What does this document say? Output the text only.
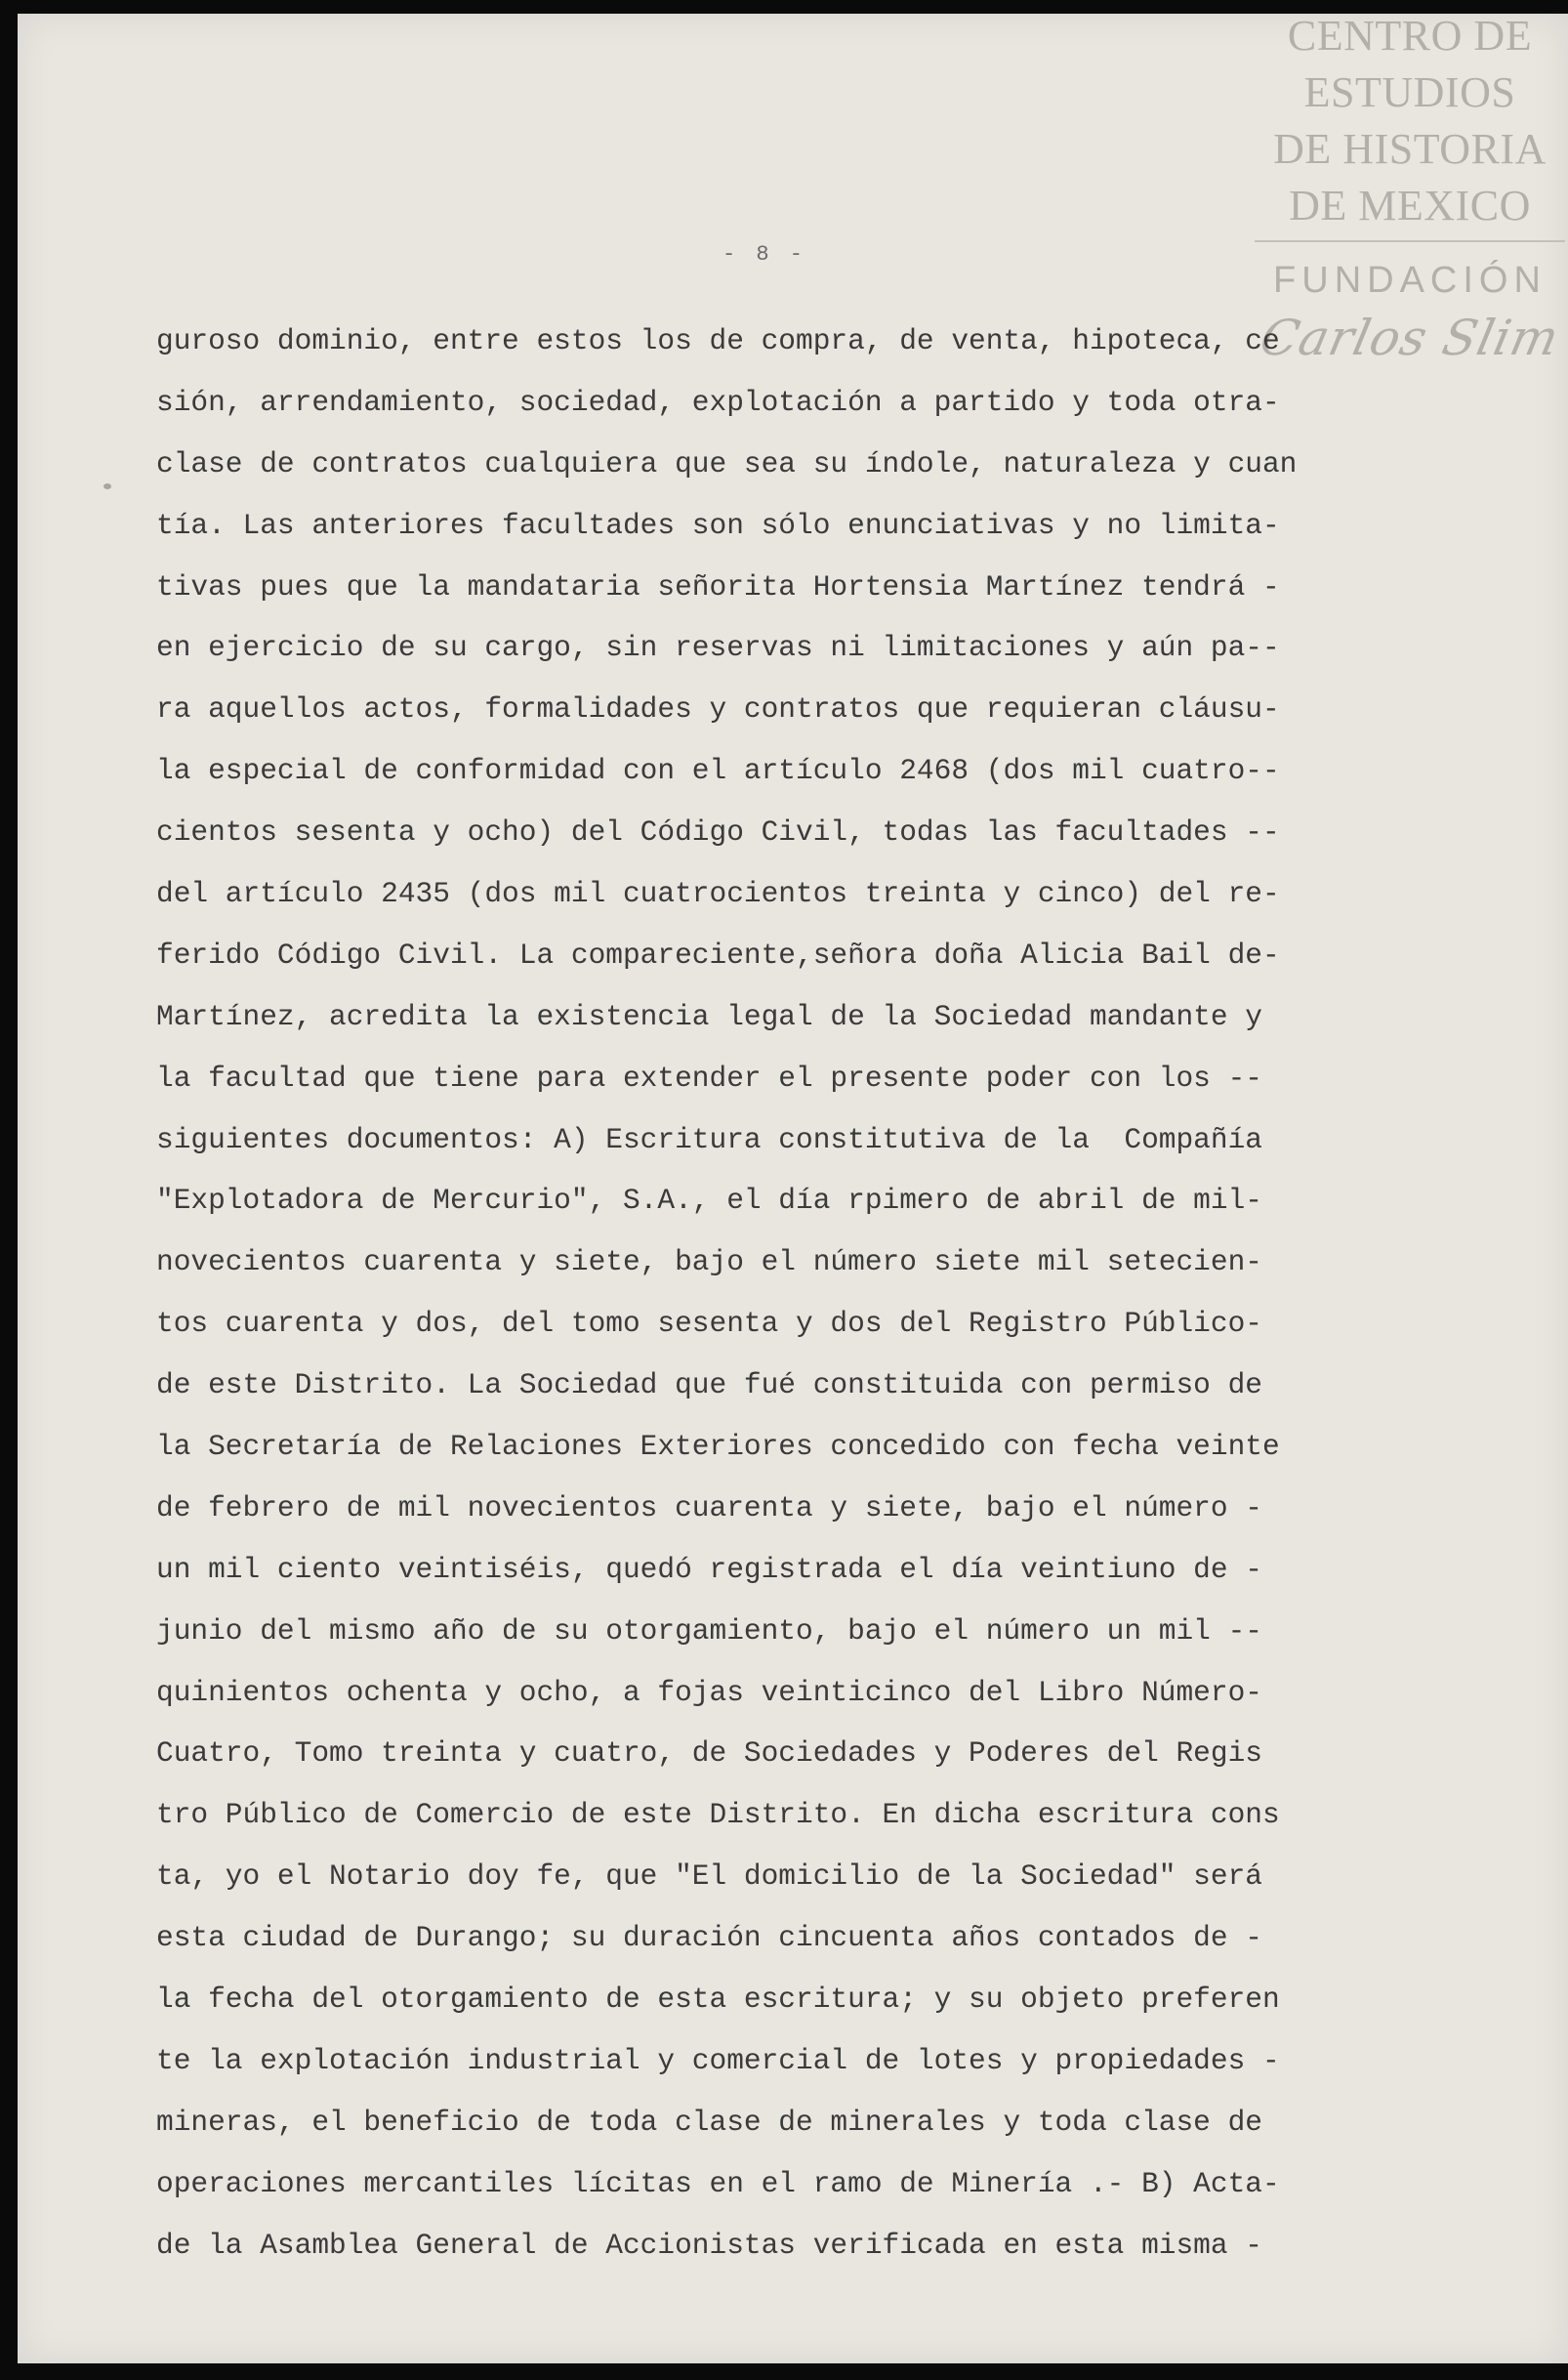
CENTRO DE
ESTUDIOS
DE HISTORIA
DE MEXICO
FUNDACIÓN
Carlos Slim
- 8 -
guroso dominio, entre estos los de compra, de venta, hipoteca, ce
sión, arrendamiento, sociedad, explotación a partido y toda otra-
clase de contratos cualquiera que sea su índole, naturaleza y cuan
tía. Las anteriores facultades son sólo enunciativas y no limita-
tivas pues que la mandataria señorita Hortensia Martínez tendrá -
en ejercicio de su cargo, sin reservas ni limitaciones y aún pa--
ra aquellos actos, formalidades y contratos que requieran cláusu-
la especial de conformidad con el artículo 2468 (dos mil cuatro--
cientos sesenta y ocho) del Código Civil, todas las facultades --
del artículo 2435 (dos mil cuatrocientos treinta y cinco) del re-
ferido Código Civil. La compareciente,señora doña Alicia Bail de-
Martínez, acredita la existencia legal de la Sociedad mandante y
la facultad que tiene para extender el presente poder con los --
siguientes documentos: A) Escritura constitutiva de la  Compañía
"Explotadora de Mercurio", S.A., el día rpimero de abril de mil-
novecientos cuarenta y siete, bajo el número siete mil setecien-
tos cuarenta y dos, del tomo sesenta y dos del Registro Público-
de este Distrito. La Sociedad que fué constituida con permiso de
la Secretaría de Relaciones Exteriores concedido con fecha veinte
de febrero de mil novecientos cuarenta y siete, bajo el número -
un mil ciento veintiséis, quedó registrada el día veintiuno de -
junio del mismo año de su otorgamiento, bajo el número un mil --
quinientos ochenta y ocho, a fojas veinticinco del Libro Número-
Cuatro, Tomo treinta y cuatro, de Sociedades y Poderes del Regis
tro Público de Comercio de este Distrito. En dicha escritura cons
ta, yo el Notario doy fe, que "El domicilio de la Sociedad" será
esta ciudad de Durango; su duración cincuenta años contados de -
la fecha del otorgamiento de esta escritura; y su objeto preferen
te la explotación industrial y comercial de lotes y propiedades -
mineras, el beneficio de toda clase de minerales y toda clase de
operaciones mercantiles lícitas en el ramo de Minería .- B) Acta-
de la Asamblea General de Accionistas verificada en esta misma -
